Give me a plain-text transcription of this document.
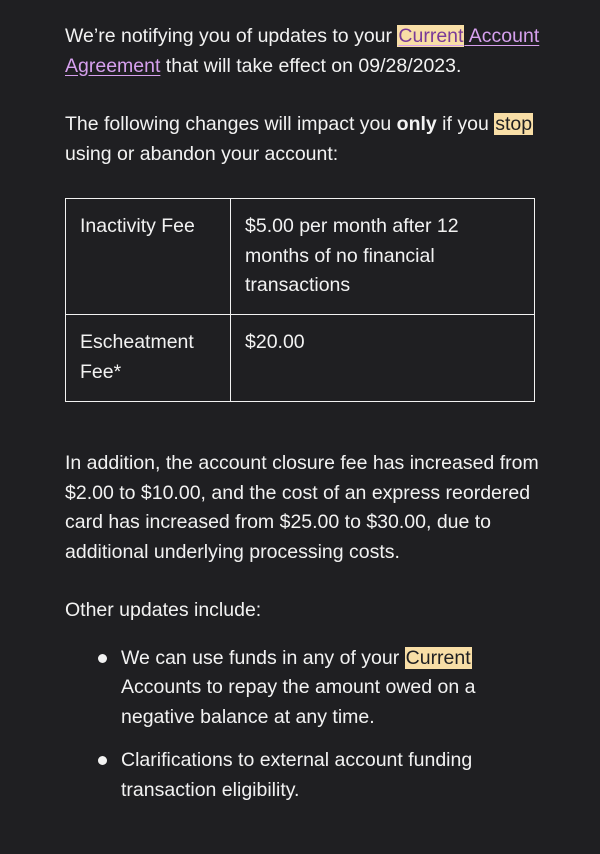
We’re notifying you of updates to your Current Account Agreement that will take effect on 09/28/2023.

The following changes will impact you only if you stop using or abandon your account:

Inactivity Fee	$5.00 per month after 12 months of no financial transactions
Escheatment Fee*	$20.00

In addition, the account closure fee has increased from $2.00 to $10.00, and the cost of an express reordered card has increased from $25.00 to $30.00, due to additional underlying processing costs.

Other updates include:

We can use funds in any of your Current Accounts to repay the amount owed on a negative balance at any time.
Clarifications to external account funding transaction eligibility.
